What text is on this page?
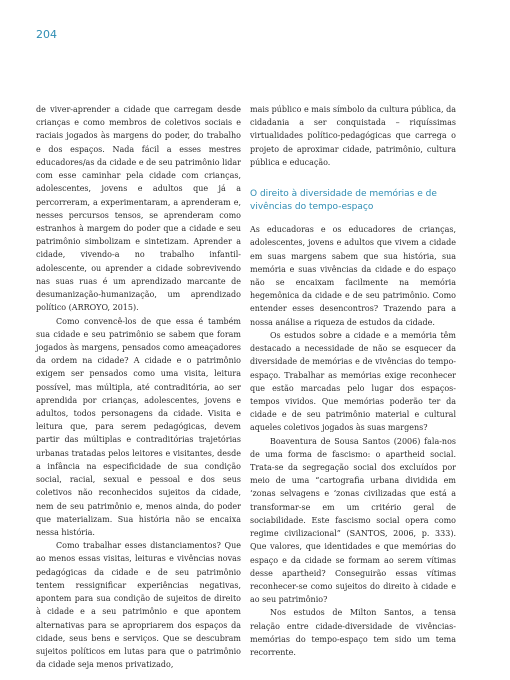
204

de viver-aprender a cidade que carregam desde crianças e como membros de coletivos sociais e raciais jogados às margens do poder, do trabalho e dos espaços. Nada fácil a esses mestres educadores/as da cidade e de seu patrimônio lidar com esse caminhar pela cidade com crianças, adolescentes, jovens e adultos que já a percorreram, a experimentaram, a aprenderam e, nesses percursos tensos, se aprenderam como estranhos à margem do poder que a cidade e seu patrimônio simbolizam e sintetizam. Aprender a cidade, vivendo-a no trabalho infantil-adolescente, ou aprender a cidade sobrevivendo nas suas ruas é um aprendizado marcante de desumanização-humanização, um aprendizado político (ARROYO, 2015).

Como convencê-los de que essa é também sua cidade e seu patrimônio se sabem que foram jogados às margens, pensados como ameaçadores da ordem na cidade? A cidade e o patrimônio exigem ser pensados como uma visita, leitura possível, mas múltipla, até contraditória, ao ser aprendida por crianças, adolescentes, jovens e adultos, todos personagens da cidade. Visita e leitura que, para serem pedagógicas, devem partir das múltiplas e contraditórias trajetórias urbanas tratadas pelos leitores e visitantes, desde a infância na especificidade de sua condição social, racial, sexual e pessoal e dos seus coletivos não reconhecidos sujeitos da cidade, nem de seu patrimônio e, menos ainda, do poder que materializam. Sua história não se encaixa nessa história.

Como trabalhar esses distanciamentos? Que ao menos essas visitas, leituras e vivências novas pedagógicas da cidade e de seu patrimônio tentem ressignificar experiências negativas, apontem para sua condição de sujeitos de direito à cidade e a seu patrimônio e que apontem alternativas para se apropriarem dos espaços da cidade, seus bens e serviços. Que se descubram sujeitos políticos em lutas para que o patrimônio da cidade seja menos privatizado,

mais público e mais símbolo da cultura pública, da cidadania a ser conquistada – riquíssimas virtualidades político-pedagógicas que carrega o projeto de aproximar cidade, patrimônio, cultura pública e educação.

O direito à diversidade de memórias e de vivências do tempo-espaço

As educadoras e os educadores de crianças, adolescentes, jovens e adultos que vivem a cidade em suas margens sabem que sua história, sua memória e suas vivências da cidade e do espaço não se encaixam facilmente na memória hegemônica da cidade e de seu patrimônio. Como entender esses desencontros? Trazendo para a nossa análise a riqueza de estudos da cidade.

Os estudos sobre a cidade e a memória têm destacado a necessidade de não se esquecer da diversidade de memórias e de vivências do tempo-espaço. Trabalhar as memórias exige reconhecer que estão marcadas pelo lugar dos espaços-tempos vividos. Que memórias poderão ter da cidade e de seu patrimônio material e cultural aqueles coletivos jogados às suas margens?

Boaventura de Sousa Santos (2006) fala-nos de uma forma de fascismo: o apartheid social. Trata-se da segregação social dos excluídos por meio de uma “cartografia urbana dividida em ‘zonas selvagens e ‘zonas civilizadas que está a transformar-se em um critério geral de sociabilidade. Este fascismo social opera como regime civilizacional” (SANTOS, 2006, p. 333). Que valores, que identidades e que memórias do espaço e da cidade se formam ao serem vítimas desse apartheid? Conseguirão essas vítimas reconhecer-se como sujeitos do direito à cidade e ao seu patrimônio?

Nos estudos de Milton Santos, a tensa relação entre cidade-diversidade de vivências-memórias do tempo-espaço tem sido um tema recorrente.
